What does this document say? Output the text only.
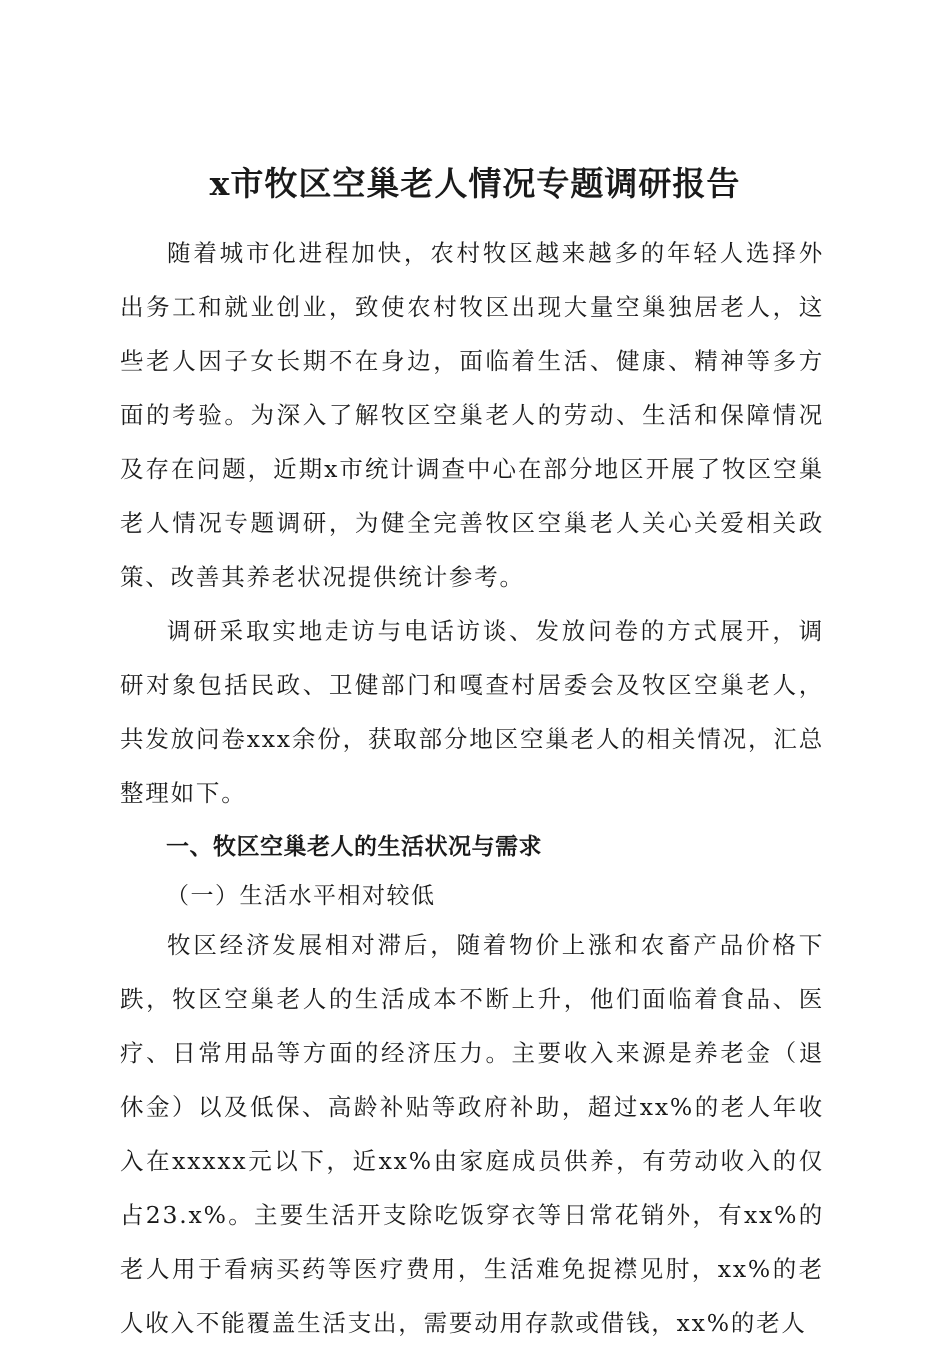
x市牧区空巢老人情况专题调研报告

随着城市化进程加快，农村牧区越来越多的年轻人选择外出务工和就业创业，致使农村牧区出现大量空巢独居老人，这些老人因子女长期不在身边，面临着生活、健康、精神等多方面的考验。为深入了解牧区空巢老人的劳动、生活和保障情况及存在问题，近期x市统计调查中心在部分地区开展了牧区空巢老人情况专题调研，为健全完善牧区空巢老人关心关爱相关政策、改善其养老状况提供统计参考。

调研采取实地走访与电话访谈、发放问卷的方式展开，调研对象包括民政、卫健部门和嘎查村居委会及牧区空巢老人，共发放问卷xxx余份，获取部分地区空巢老人的相关情况，汇总整理如下。

一、牧区空巢老人的生活状况与需求

（一）生活水平相对较低

牧区经济发展相对滞后，随着物价上涨和农畜产品价格下跌，牧区空巢老人的生活成本不断上升，他们面临着食品、医疗、日常用品等方面的经济压力。主要收入来源是养老金（退休金）以及低保、高龄补贴等政府补助，超过xx%的老人年收入在xxxxx元以下，近xx%由家庭成员供养，有劳动收入的仅占23.x%。主要生活开支除吃饭穿衣等日常花销外，有xx%的老人用于看病买药等医疗费用，生活难免捉襟见肘，xx%的老人收入不能覆盖生活支出，需要动用存款或借钱，xx%的老人
